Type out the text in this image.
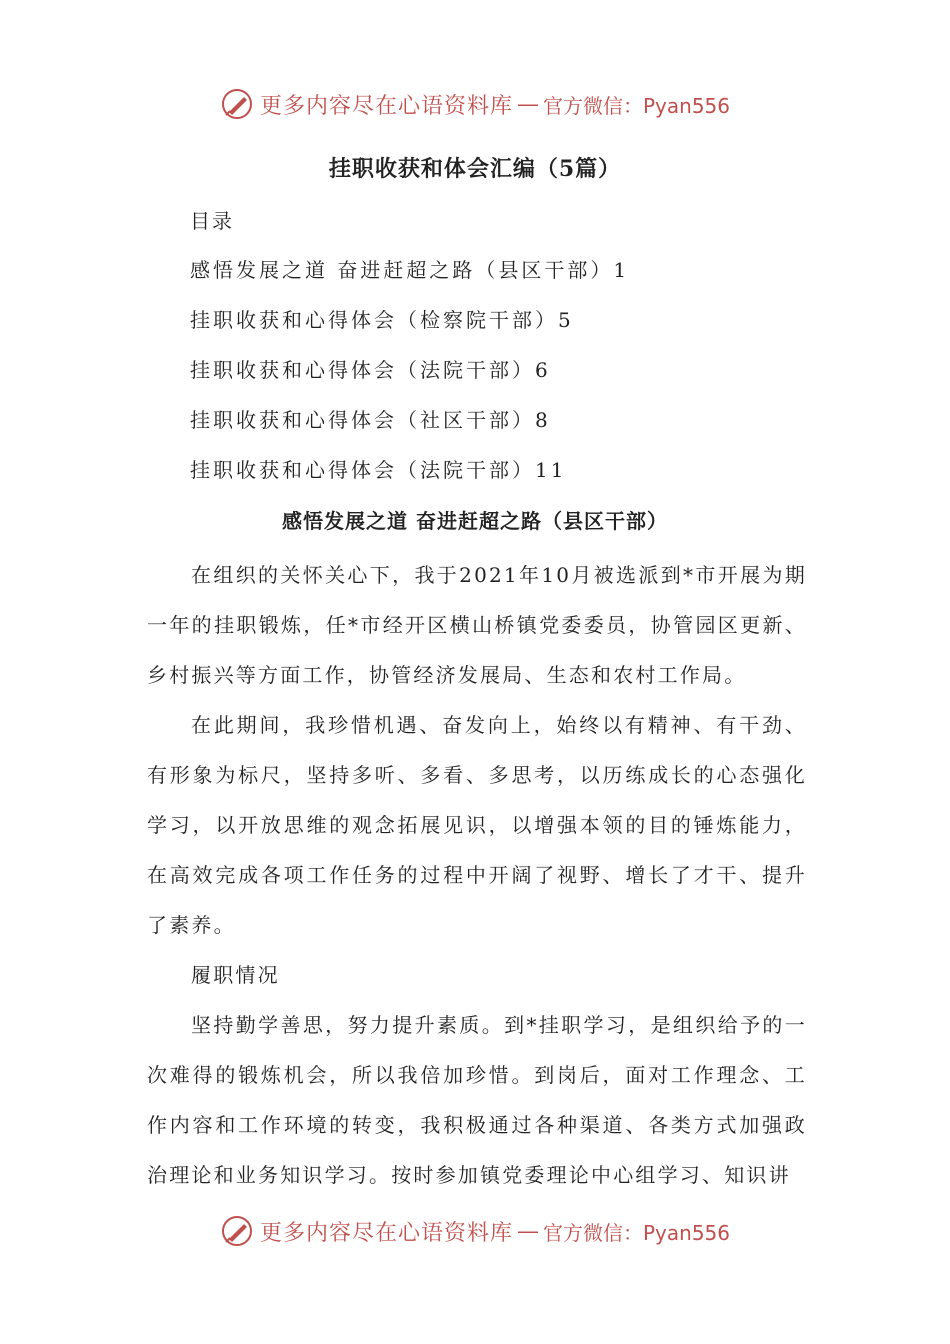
更多内容尽在心语资料库 — 官方微信：Pyan556
挂职收获和体会汇编（5篇）
目录
感悟发展之道 奋进赶超之路（县区干部）1
挂职收获和心得体会（检察院干部）5
挂职收获和心得体会（法院干部）6
挂职收获和心得体会（社区干部）8
挂职收获和心得体会（法院干部）11
感悟发展之道 奋进赶超之路（县区干部）

在组织的关怀关心下，我于2021年10月被选派到*市开展为期一年的挂职锻炼，任*市经开区横山桥镇党委委员，协管园区更新、乡村振兴等方面工作，协管经济发展局、生态和农村工作局。

在此期间，我珍惜机遇、奋发向上，始终以有精神、有干劲、有形象为标尺，坚持多听、多看、多思考，以历练成长的心态强化学习，以开放思维的观念拓展见识，以增强本领的目的锤炼能力，在高效完成各项工作任务的过程中开阔了视野、增长了才干、提升了素养。

履职情况

坚持勤学善思，努力提升素质。到*挂职学习，是组织给予的一次难得的锻炼机会，所以我倍加珍惜。到岗后，面对工作理念、工作内容和工作环境的转变，我积极通过各种渠道、各类方式加强政治理论和业务知识学习。按时参加镇党委理论中心组学习、知识讲

更多内容尽在心语资料库 — 官方微信：Pyan556
